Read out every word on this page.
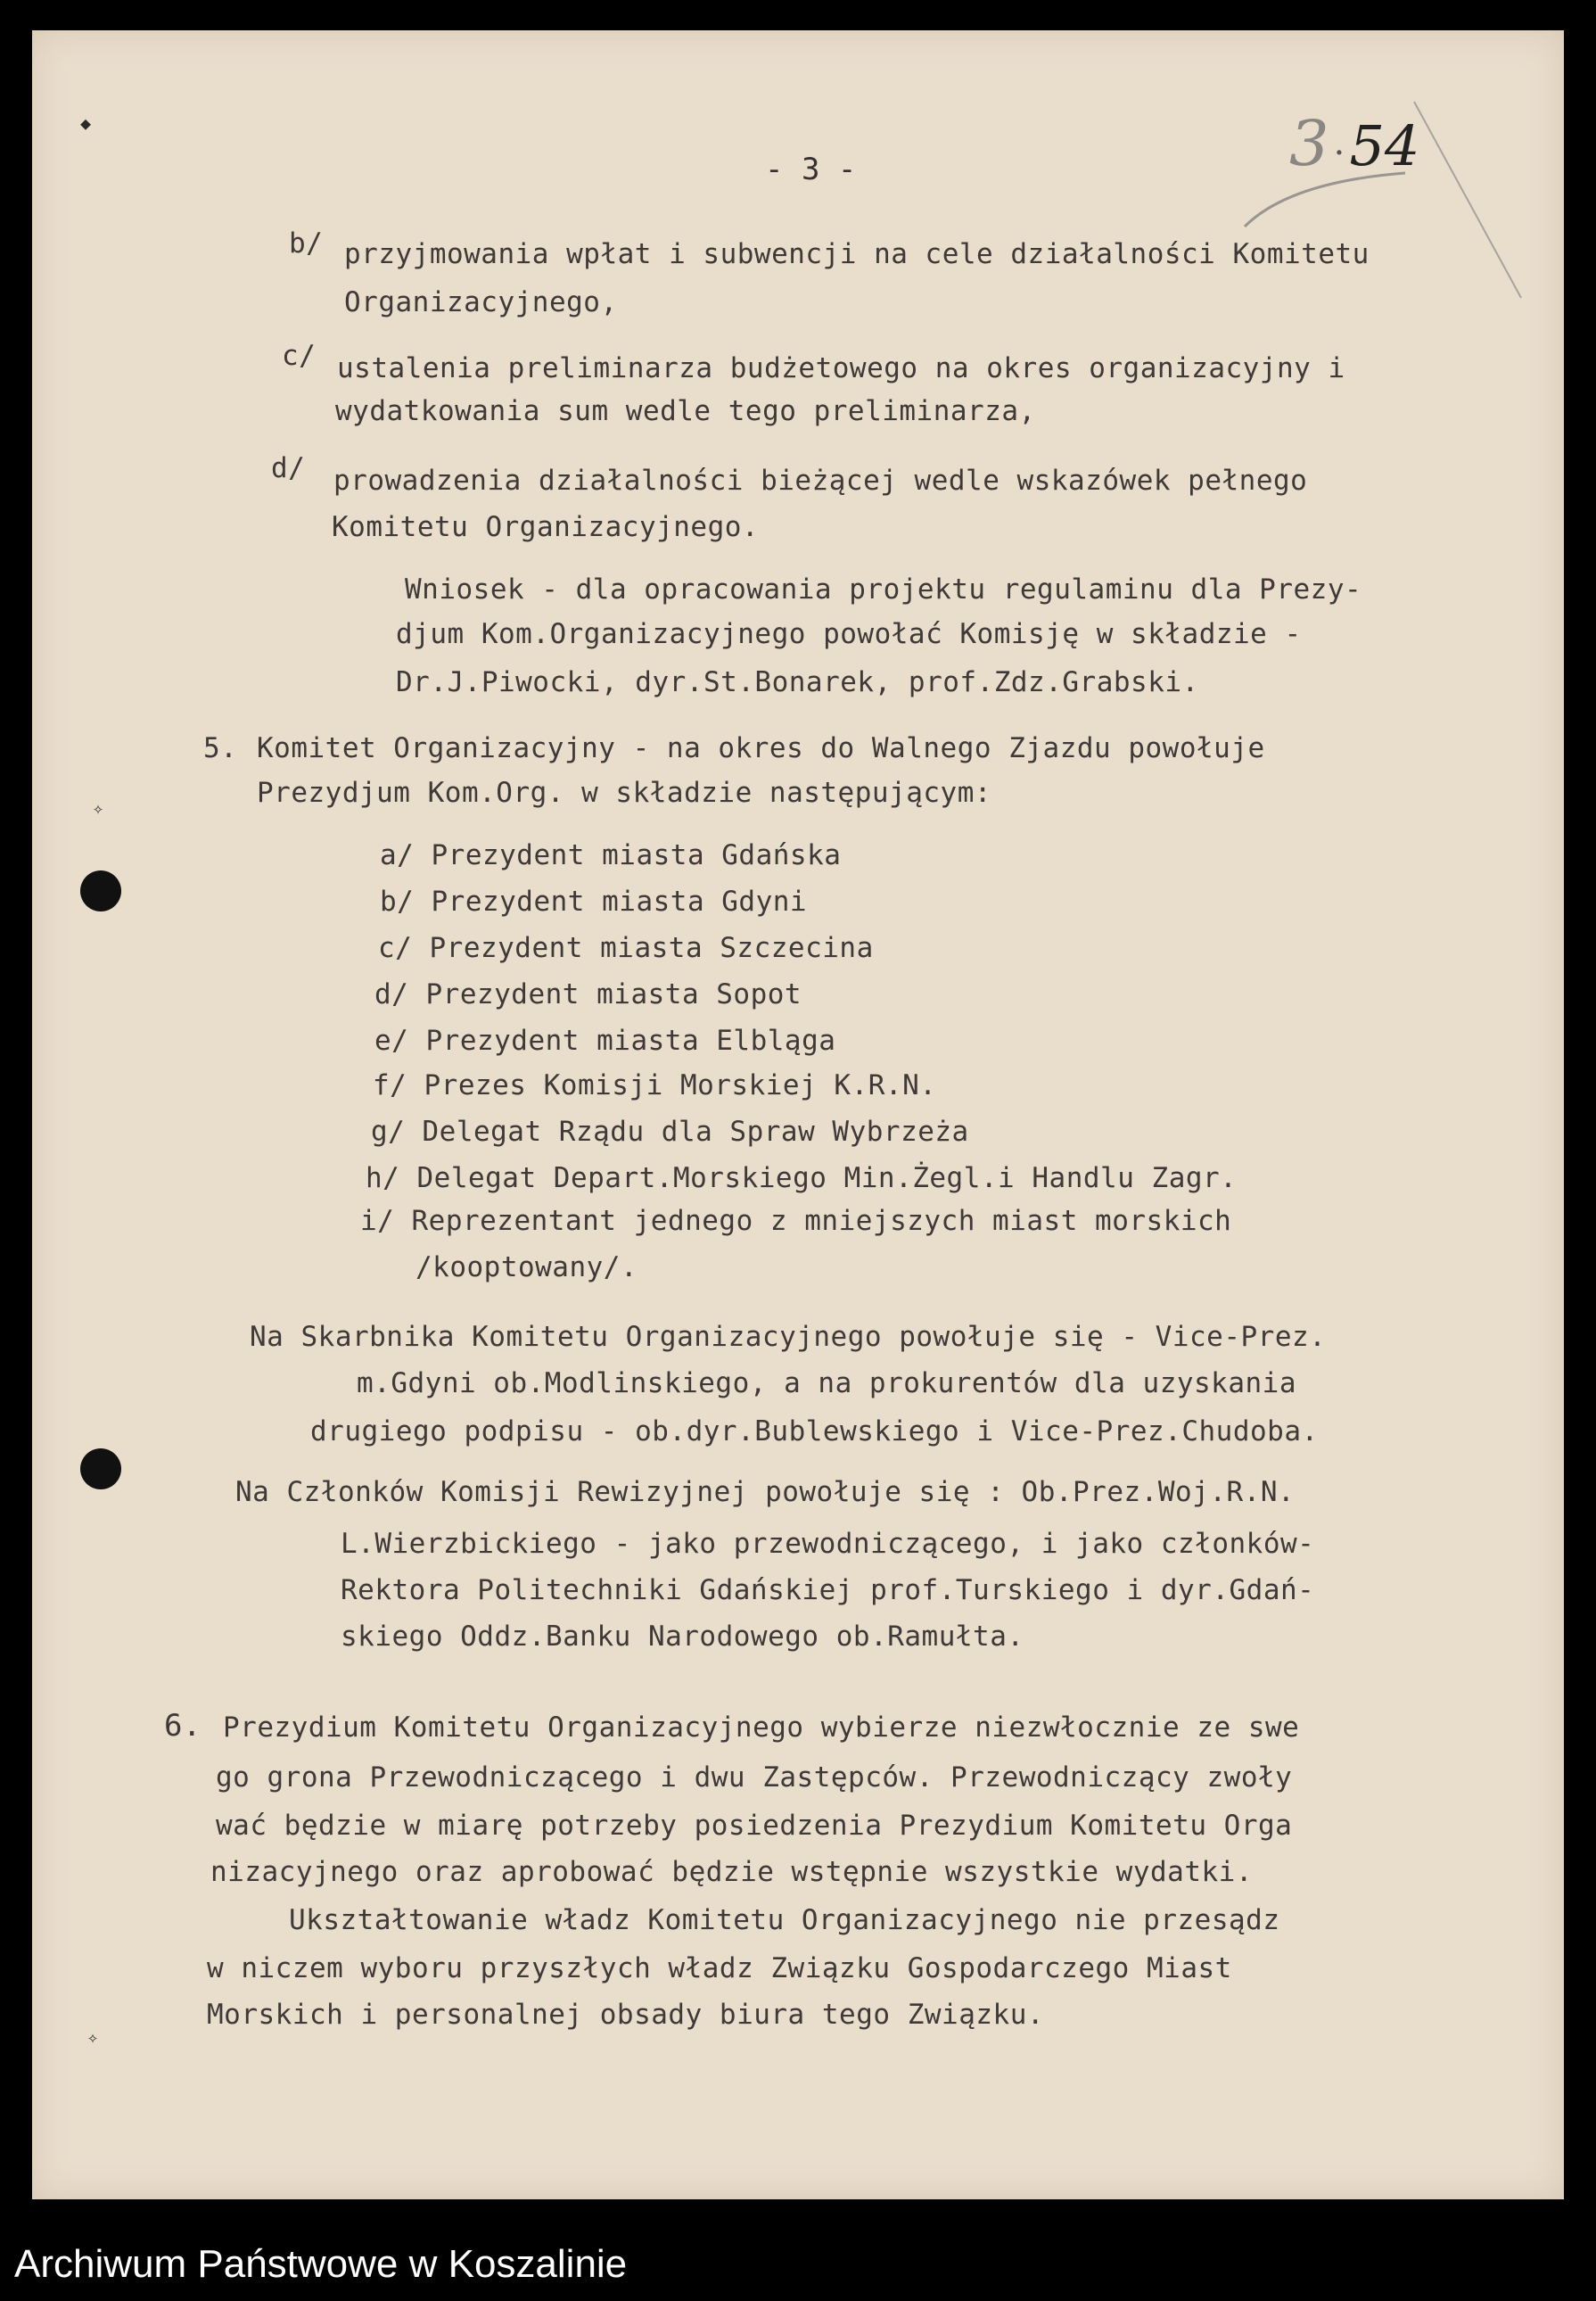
◆
✧
✧
3 · 54
- 3 -
b/ przyjmowania wpłat i subwencji na cele działalności Komitetu
Organizacyjnego,
c/ ustalenia preliminarza budżetowego na okres organizacyjny i
wydatkowania sum wedle tego preliminarza,
d/ prowadzenia działalności bieżącej wedle wskazówek pełnego
Komitetu Organizacyjnego.
Wniosek - dla opracowania projektu regulaminu dla Prezy-
djum Kom.Organizacyjnego powołać Komisję w składzie -
Dr.J.Piwocki, dyr.St.Bonarek, prof.Zdz.Grabski.
5. Komitet Organizacyjny - na okres do Walnego Zjazdu powołuje
Prezydjum Kom.Org. w składzie następującym:
a/ Prezydent miasta Gdańska
b/ Prezydent miasta Gdyni
c/ Prezydent miasta Szczecina
d/ Prezydent miasta Sopot
e/ Prezydent miasta Elbląga
f/ Prezes Komisji Morskiej K.R.N.
g/ Delegat Rządu dla Spraw Wybrzeża
h/ Delegat Depart.Morskiego Min.Żegl.i Handlu Zagr.
i/ Reprezentant jednego z mniejszych miast morskich
/kooptowany/.
Na Skarbnika Komitetu Organizacyjnego powołuje się - Vice-Prez.
m.Gdyni ob.Modlinskiego, a na prokurentów dla uzyskania
drugiego podpisu - ob.dyr.Bublewskiego i Vice-Prez.Chudoba.
Na Członków Komisji Rewizyjnej powołuje się : Ob.Prez.Woj.R.N.
L.Wierzbickiego - jako przewodniczącego, i jako członków-
Rektora Politechniki Gdańskiej prof.Turskiego i dyr.Gdań-
skiego Oddz.Banku Narodowego ob.Ramułta.
6. Prezydium Komitetu Organizacyjnego wybierze niezwłocznie ze swe
go grona Przewodniczącego i dwu Zastępców. Przewodniczący zwoły
wać będzie w miarę potrzeby posiedzenia Prezydium Komitetu Orga
nizacyjnego oraz aprobować będzie wstępnie wszystkie wydatki.
Ukształtowanie władz Komitetu Organizacyjnego nie przesądz
w niczem wyboru przyszłych władz Związku Gospodarczego Miast
Morskich i personalnej obsady biura tego Związku.
Archiwum Państwowe w Koszalinie
